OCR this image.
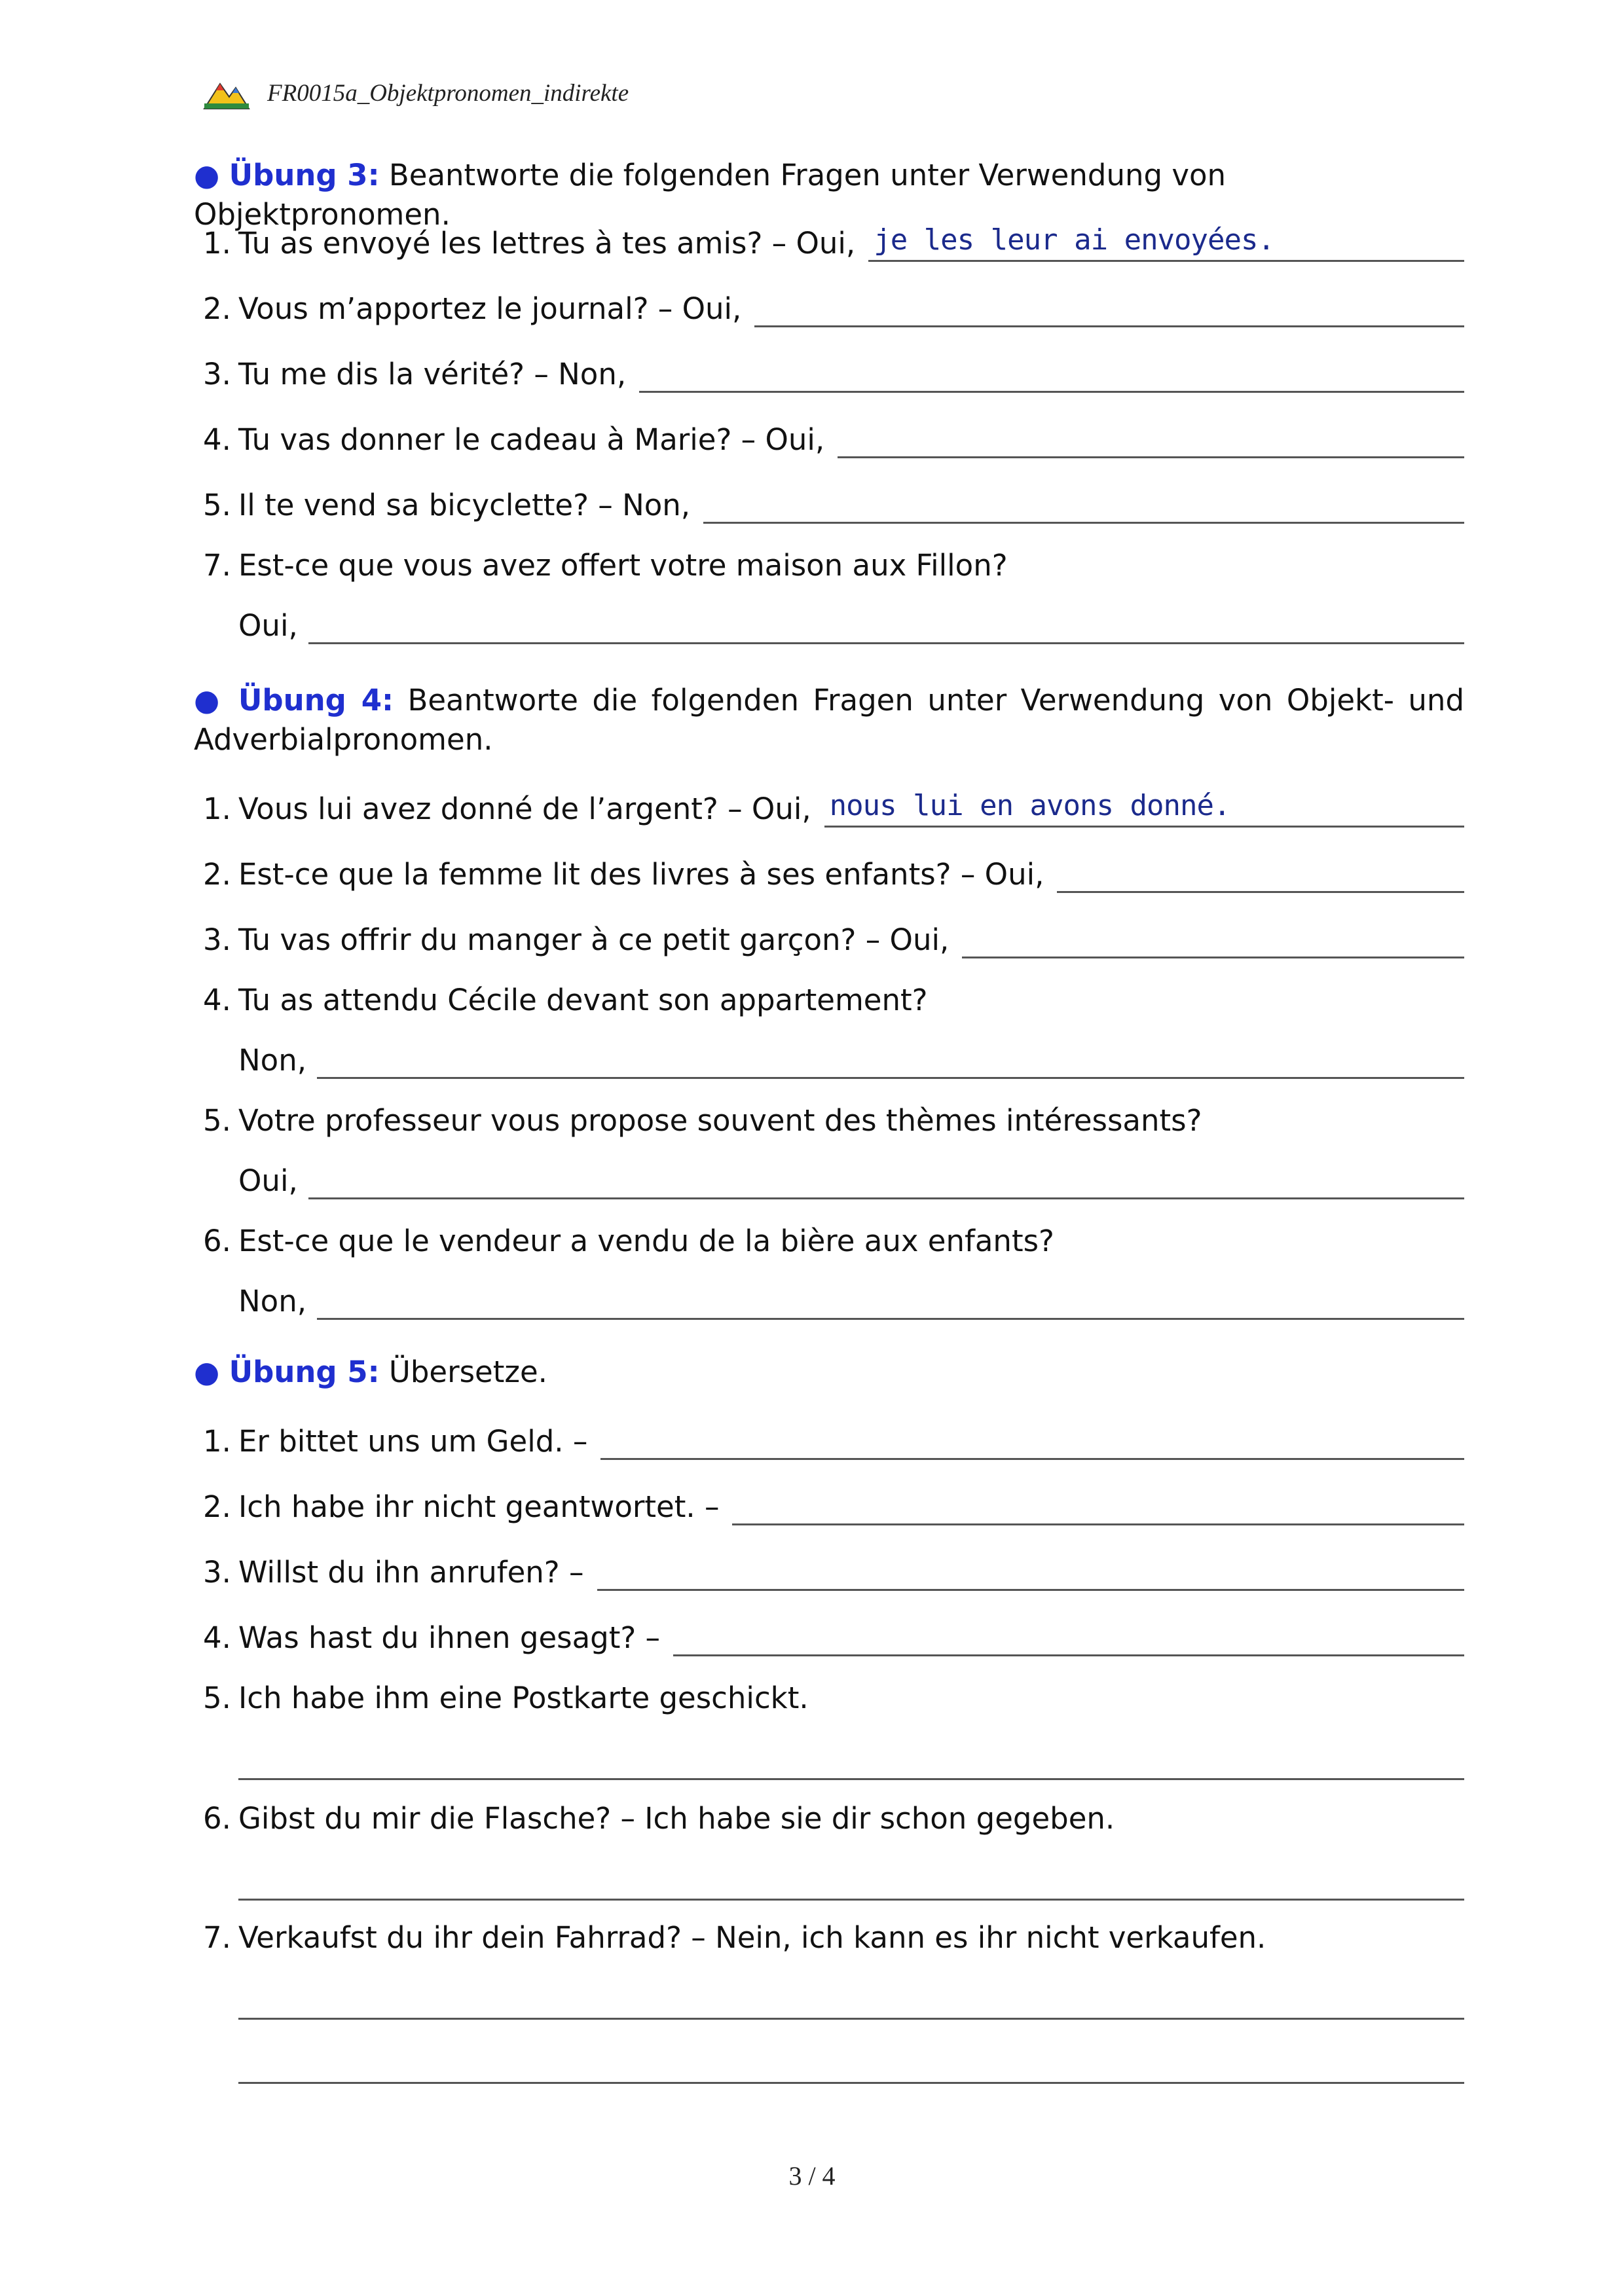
FR0015a_Objektpronomen_indirekte
● Übung 3: Beantworte die folgenden Fragen unter Verwendung von Objektpronomen.
1. Tu as envoyé les lettres à tes amis? – Oui, je les leur ai envoyées.
2. Vous m’apportez le journal? – Oui,
3. Tu me dis la vérité? – Non,
4. Tu vas donner le cadeau à Marie? – Oui,
5. Il te vend sa bicyclette? – Non,
7. Est-ce que vous avez offert votre maison aux Fillon?
Oui,
● Übung 4: Beantworte die folgenden Fragen unter Verwendung von Objekt- und Adverbialpronomen.
1. Vous lui avez donné de l’argent? – Oui, nous lui en avons donné.
2. Est-ce que la femme lit des livres à ses enfants? – Oui,
3. Tu vas offrir du manger à ce petit garçon? – Oui,
4. Tu as attendu Cécile devant son appartement?
Non,
5. Votre professeur vous propose souvent des thèmes intéressants?
Oui,
6. Est-ce que le vendeur a vendu de la bière aux enfants?
Non,
● Übung 5: Übersetze.
1. Er bittet uns um Geld. –
2. Ich habe ihr nicht geantwortet. –
3. Willst du ihn anrufen? –
4. Was hast du ihnen gesagt? –
5. Ich habe ihm eine Postkarte geschickt.
6. Gibst du mir die Flasche? – Ich habe sie dir schon gegeben.
7. Verkaufst du ihr dein Fahrrad? – Nein, ich kann es ihr nicht verkaufen.
3 / 4
